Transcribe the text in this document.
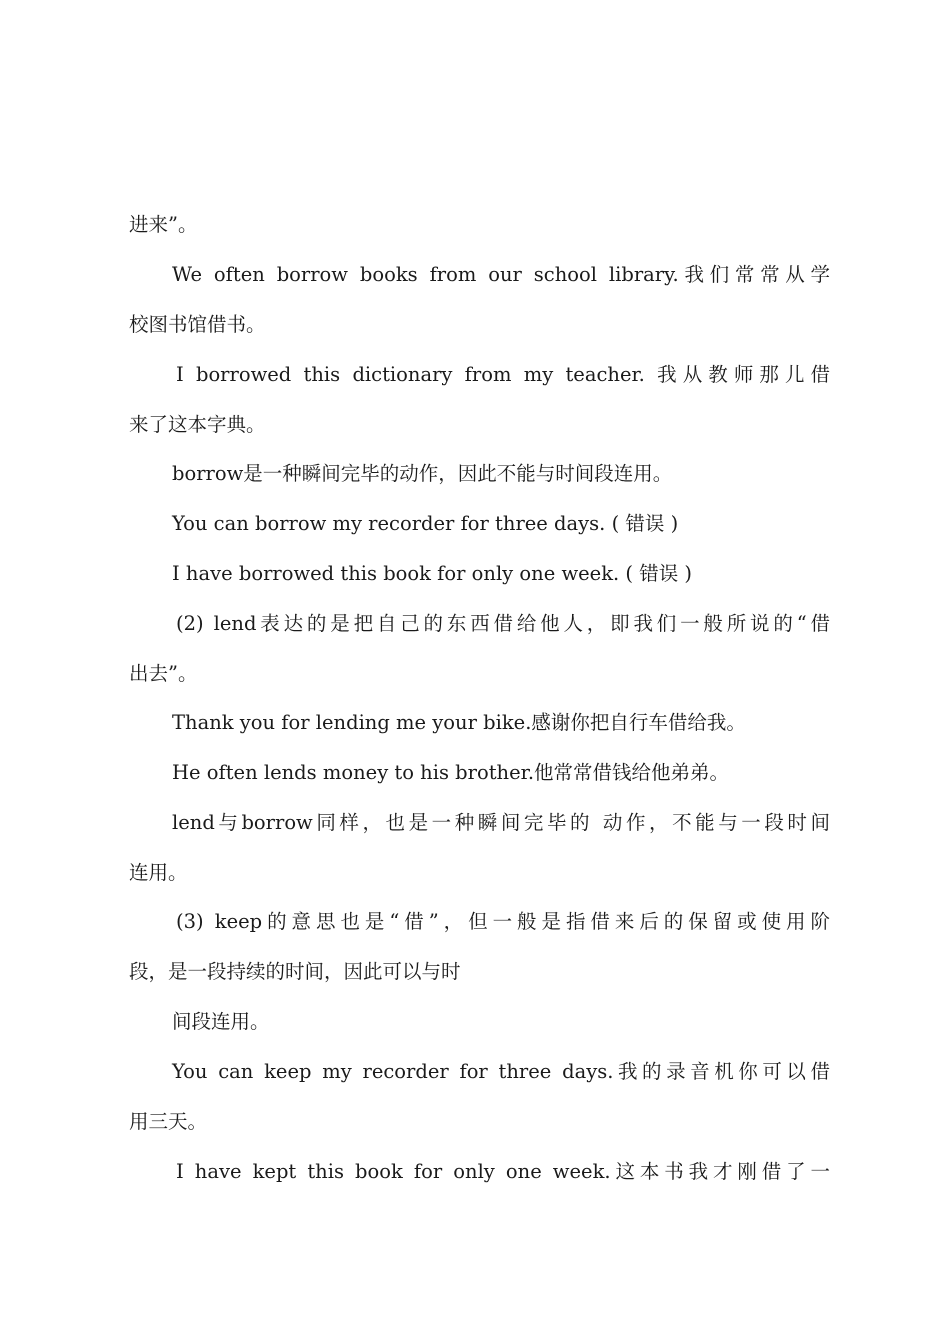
进来”。

We often borrow books from our school library.我们常常从学

校图书馆借书。

I borrowed this dictionary from my teacher. 我从教师那儿借

来了这本字典。

borrow是一种瞬间完毕的动作，因此不能与时间段连用。

You can borrow my recorder for three days. ( 错误 )

I have borrowed this book for only one week. ( 错误 )

(2) lend表达的是把自己的东西借给他人，即我们一般所说的“借

出去”。

Thank you for lending me your bike.感谢你把自行车借给我。

He often lends money to his brother.他常常借钱给他弟弟。

lend与borrow同样，也是一种瞬间完毕的 动作，不能与一段时间

连用。

(3) keep的意思也是“借”，但一般是指借来后的保留或使用阶

段，是一段持续的时间，因此可以与时

间段连用。

You can keep my recorder for three days.我的录音机你可以借

用三天。

I have kept this book for only one week.这本书我才刚借了一
